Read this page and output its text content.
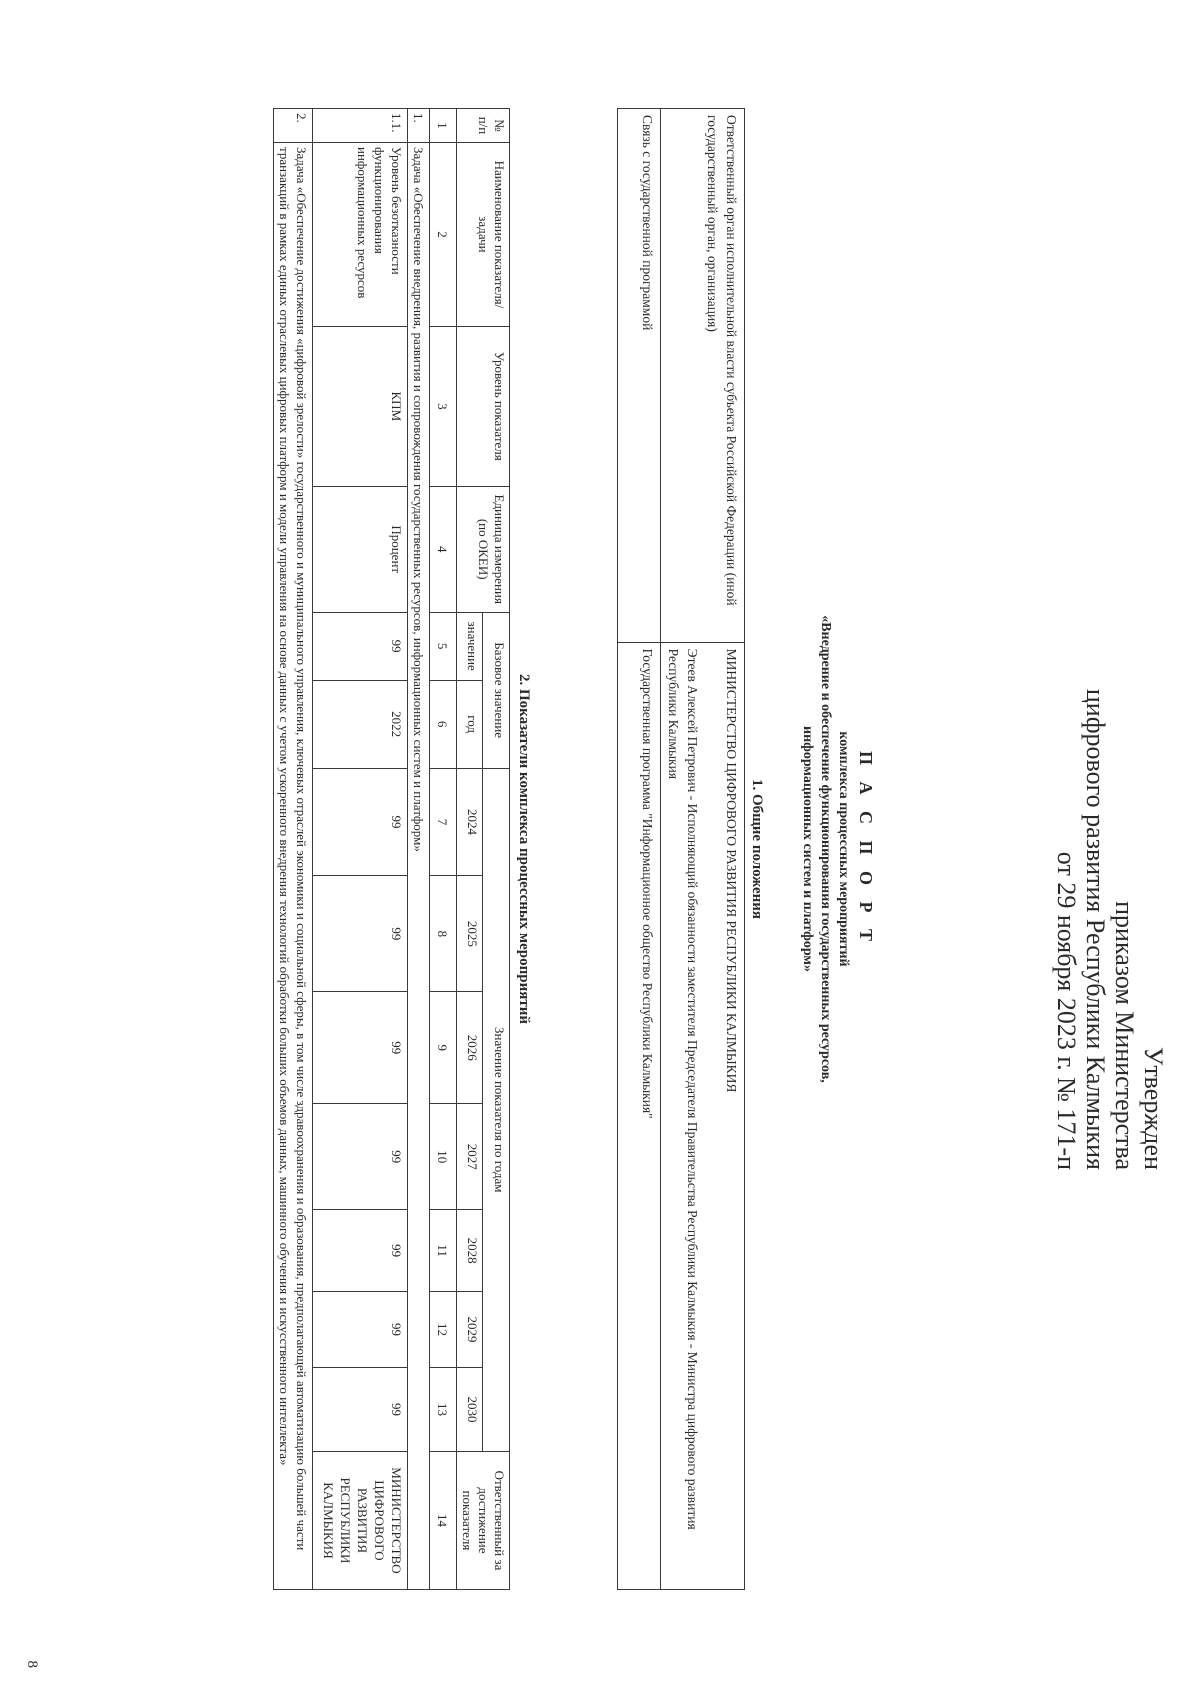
Утвержден
приказом Министерства
цифрового развития Республики Калмыкия
от 29 ноября 2023 г. № 171-п
П А С П О Р Т
комплекса процессных мероприятий
«Внедрение и обеспечение функционирования государственных ресурсов,
информационных систем и платформ»
1. Общие положения
Ответственный орган исполнительной власти субъекта Российской Федерации (иной государственный орган, организация)	МИНИСТЕРСТВО ЦИФРОВОГО РАЗВИТИЯ РЕСПУБЛИКИ КАЛМЫКИЯ
Этеев Алексей Петрович - Исполняющий обязанности заместителя Председателя Правительства Республики Калмыкия - Министра цифрового развития Республики Калмыкия

Связь с государственной программой	Государственная программа "Информационное общество Республики Калмыкия"
2. Показатели комплекса процессных мероприятий
№ п/п	Наименование показателя/задачи	Уровень показателя	Единица измерения (по ОКЕИ)	Базовое значение		Значение показателя по годам							Ответственный за достижение показателя
				значение	год	2024	2025	2026	2027	2028	2029	2030	
1	2	3	4	5	6	7	8	9	10	11	12	13	14
1.	Задача «Обеспечение внедрения, развития и сопровождения государственных ресурсов, информационных систем и платформ»												
1.1.	Уровень безотказности функционирования информационных ресурсов	КПМ	Процент	99	2022	99	99	99	99	99	99	99	МИНИСТЕРСТВО ЦИФРОВОГО РАЗВИТИЯ РЕСПУБЛИКИ КАЛМЫКИЯ
2.	Задача «Обеспечение достижения «цифровой зрелости» государственного и муниципального управления, ключевых отраслей экономики и социальной сферы, в том числе здравоохранения и образования, предполагающей автоматизацию большей части транзакций в рамках единых отраслевых цифровых платформ и модели управления на основе данных с учетом ускоренного внедрения технологий обработки больших объемов данных, машинного обучения и искусственного интеллекта»												
8
